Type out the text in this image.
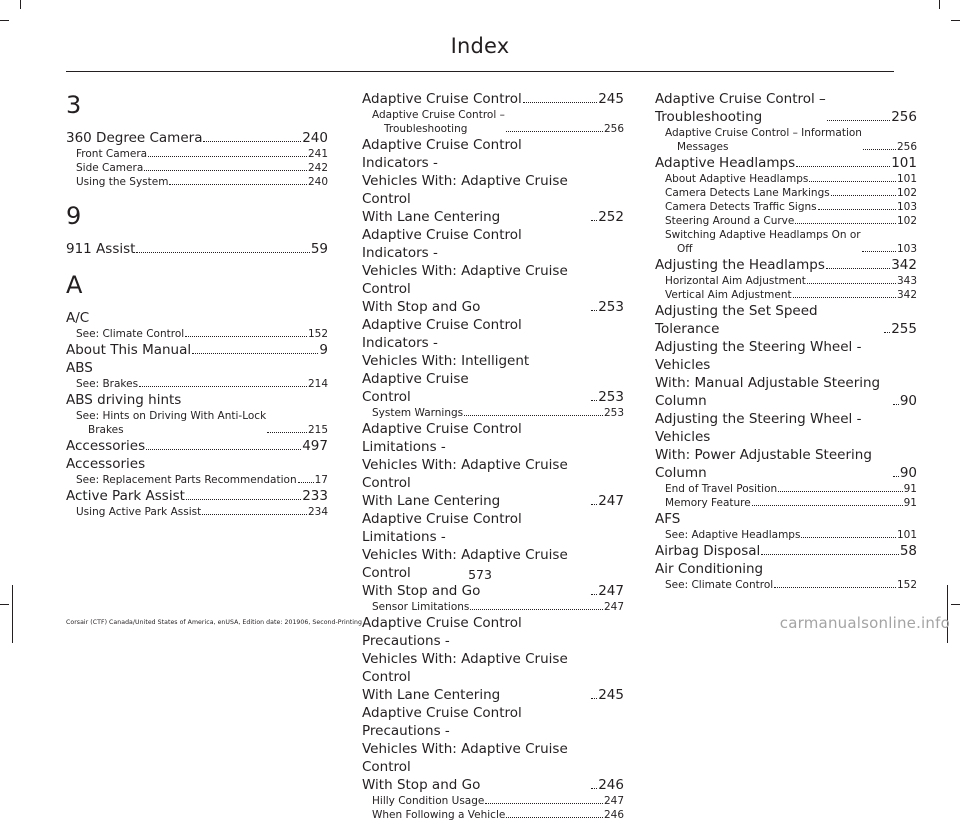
Index
3
360 Degree Camera	240
Front Camera	241
Side Camera	242
Using the System	240
9
911 Assist	59
A
A/C
See: Climate Control	152
About This Manual	9
ABS
See: Brakes	214
ABS driving hints
See: Hints on Driving With Anti-Lock
Brakes	215
Accessories	497
Accessories
See: Replacement Parts Recommendation 17
Active Park Assist	233
Using Active Park Assist	234
Adaptive Cruise Control	245
Adaptive Cruise Control –
Troubleshooting	256
Adaptive Cruise Control Indicators -
Vehicles With: Adaptive Cruise Control
With Lane Centering	252
Adaptive Cruise Control Indicators -
Vehicles With: Adaptive Cruise Control
With Stop and Go	253
Adaptive Cruise Control Indicators -
Vehicles With: Intelligent Adaptive Cruise
Control	253
System Warnings	253
Adaptive Cruise Control Limitations -
Vehicles With: Adaptive Cruise Control
With Lane Centering	247
Adaptive Cruise Control Limitations -
Vehicles With: Adaptive Cruise Control
With Stop and Go	247
Sensor Limitations	247
Adaptive Cruise Control Precautions -
Vehicles With: Adaptive Cruise Control
With Lane Centering	245
Adaptive Cruise Control Precautions -
Vehicles With: Adaptive Cruise Control
With Stop and Go	246
Hilly Condition Usage	247
When Following a Vehicle	246
Adaptive Cruise Control –
Troubleshooting	256
Adaptive Cruise Control – Information
Messages	256
Adaptive Headlamps	101
About Adaptive Headlamps	101
Camera Detects Lane Markings	102
Camera Detects Traffic Signs	103
Steering Around a Curve	102
Switching Adaptive Headlamps On or
Off	103
Adjusting the Headlamps	342
Horizontal Aim Adjustment	343
Vertical Aim Adjustment	342
Adjusting the Set Speed Tolerance	255
Adjusting the Steering Wheel - Vehicles
With: Manual Adjustable Steering
Column	90
Adjusting the Steering Wheel - Vehicles
With: Power Adjustable Steering
Column	90
End of Travel Position	91
Memory Feature	91
AFS
See: Adaptive Headlamps	101
Airbag Disposal	58
Air Conditioning
See: Climate Control	152
573
Corsair (CTF) Canada/United States of America, enUSA, Edition date: 201906, Second-Printing	carmanualsonline.info
